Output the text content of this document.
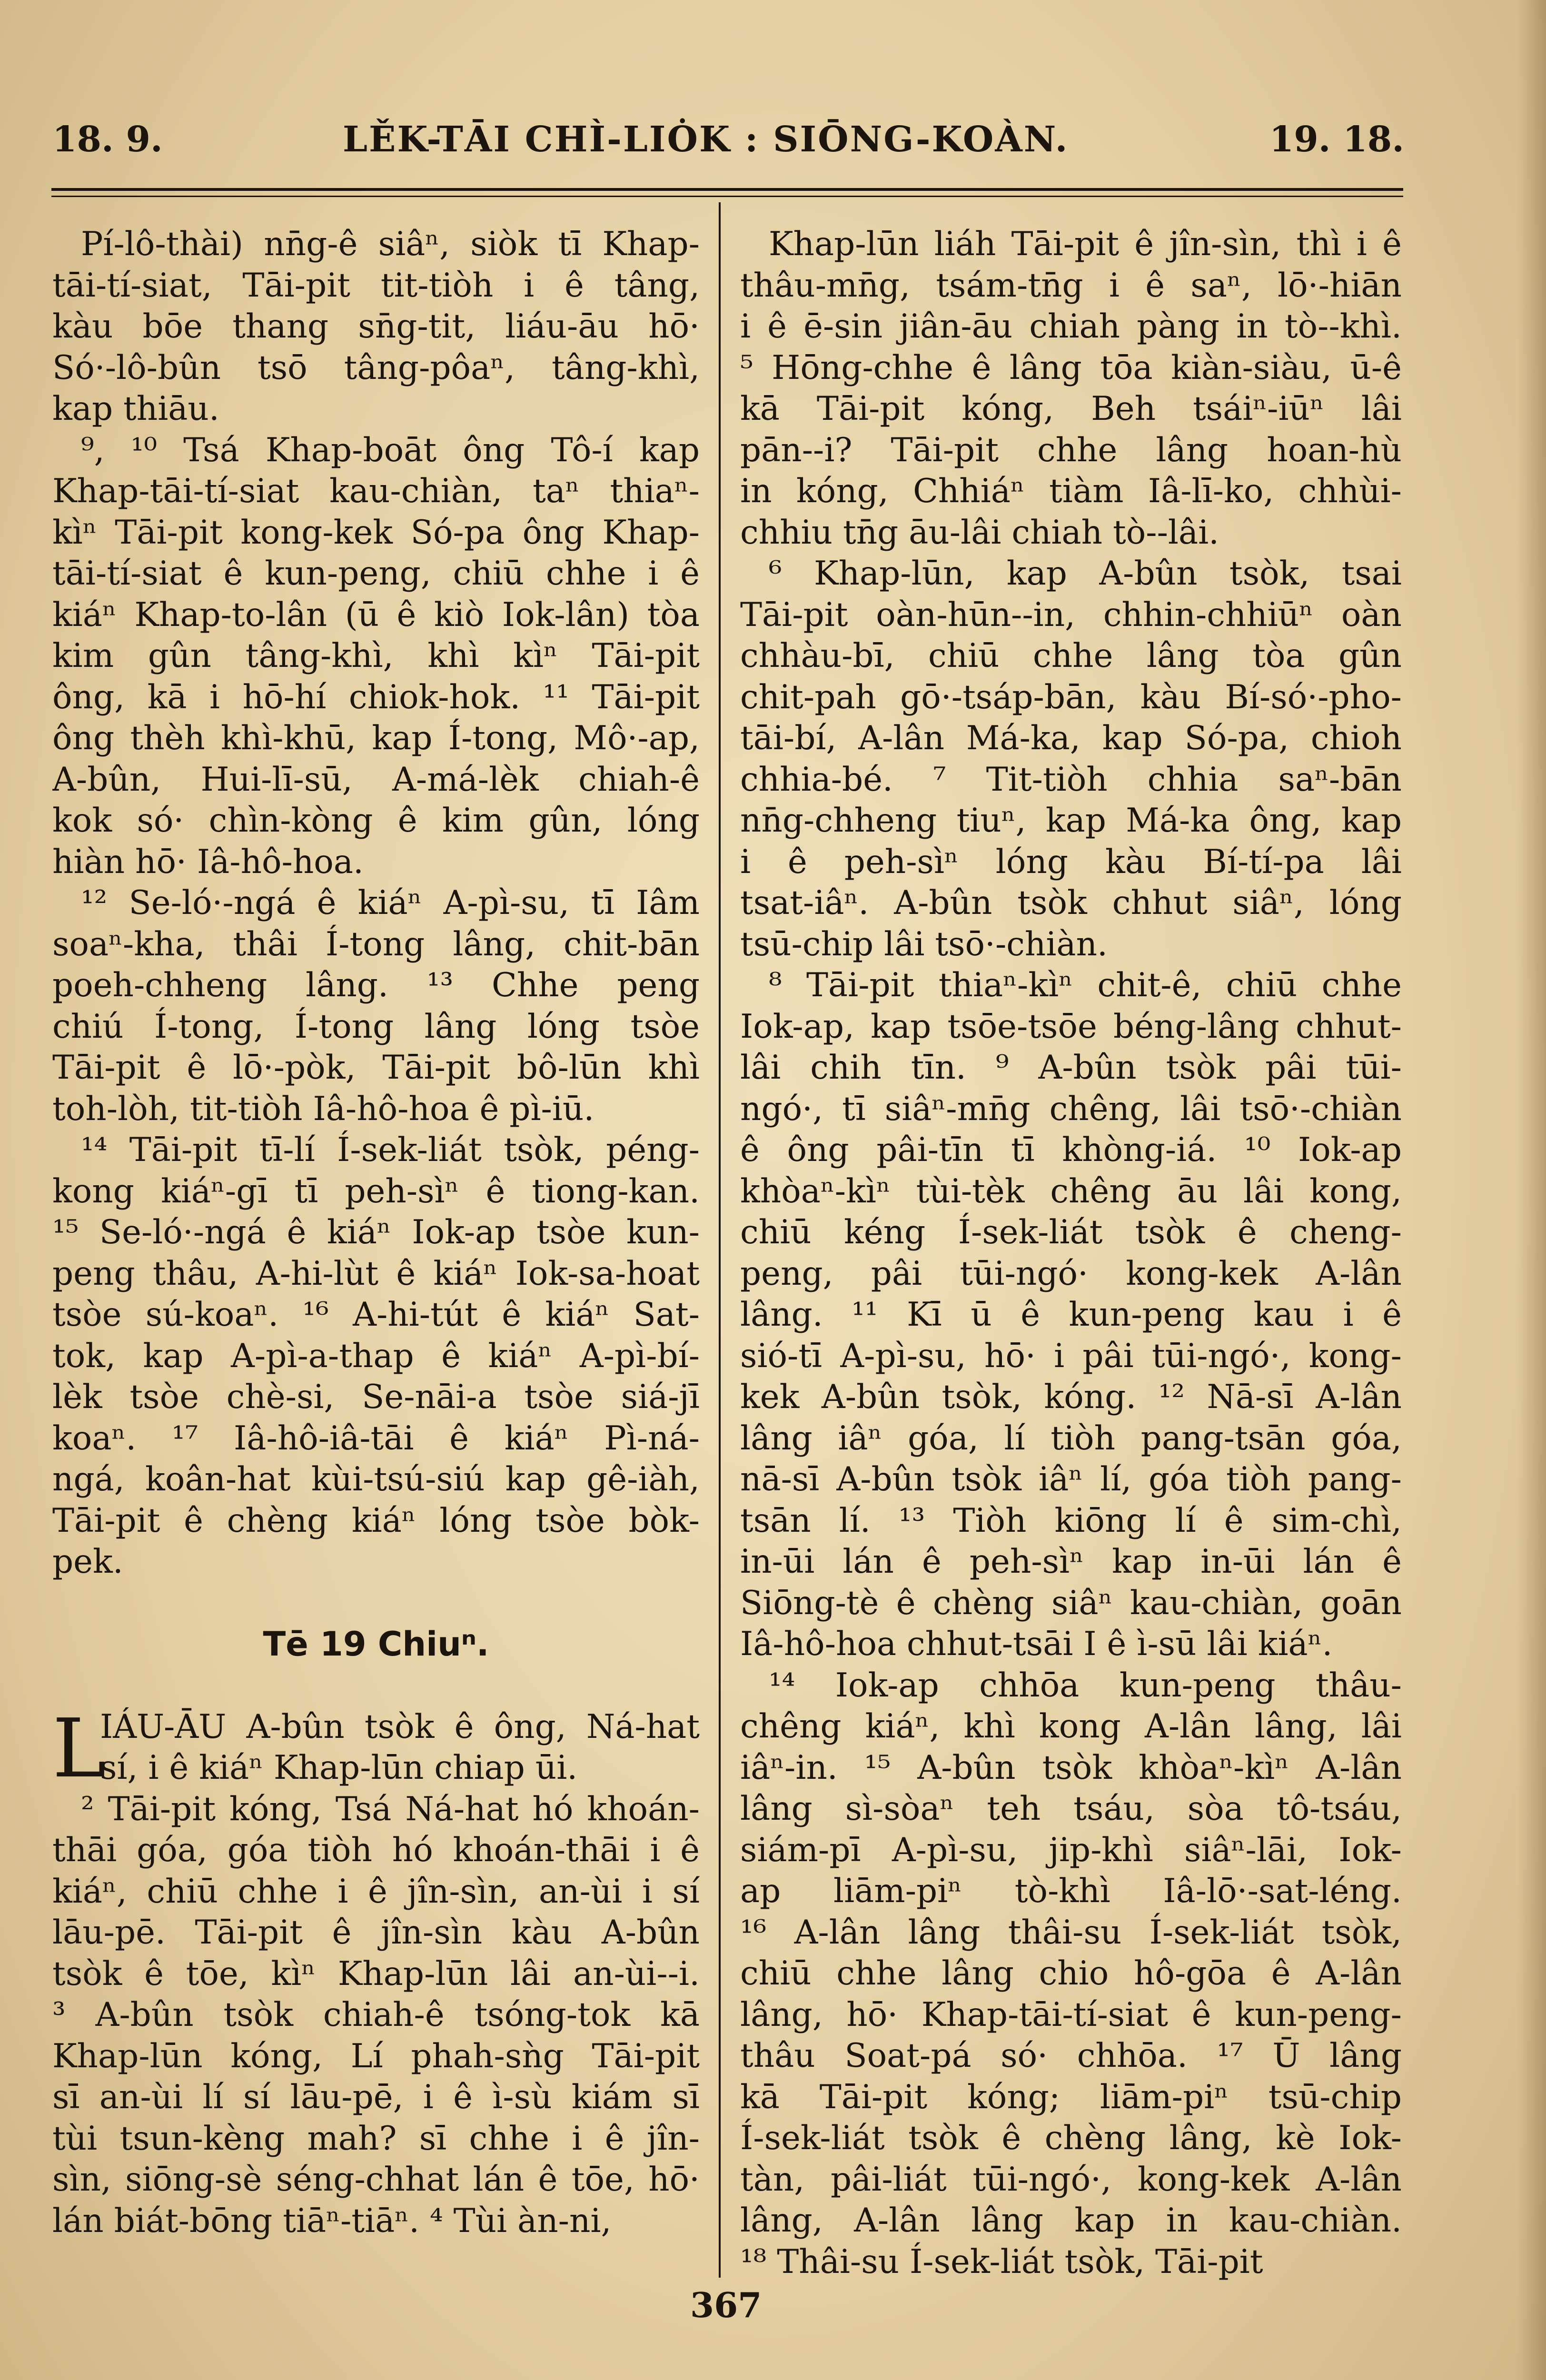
18. 9.	LĚK-TĀI CHÌ-LIȮK : SIŌNG-KOÀN.	19. 18.
Pí-lô-thài) nn̄g-ê siâⁿ, siòk tī Khap-
tāi-tí-siat, Tāi-pit tit-tiòh i ê tâng,
kàu bōe thang sn̄g-tit, liáu-āu hō·
Só·-lô-bûn tsō tâng-pôaⁿ, tâng-khì,
kap thiāu.
⁹, ¹⁰ Tsá Khap-boāt ông Tô-í kap
Khap-tāi-tí-siat kau-chiàn, taⁿ thiaⁿ-
kìⁿ Tāi-pit kong-kek Só-pa ông Khap-
tāi-tí-siat ê kun-peng, chiū chhe i ê
kiáⁿ Khap-to-lân (ū ê kiò Iok-lân) tòa
kim gûn tâng-khì, khì kìⁿ Tāi-pit
ông, kā i hō-hí chiok-hok. ¹¹ Tāi-pit
ông thèh khì-khū, kap Í-tong, Mô·-ap,
A-bûn, Hui-lī-sū, A-má-lèk chiah-ê
kok só· chìn-kòng ê kim gûn, lóng
hiàn hō· Iâ-hô-hoa.
¹² Se-ló·-ngá ê kiáⁿ A-pì-su, tī Iâm
soaⁿ-kha, thâi Í-tong lâng, chit-bān
poeh-chheng lâng. ¹³ Chhe peng
chiú Í-tong, Í-tong lâng lóng tsòe
Tāi-pit ê lō·-pòk, Tāi-pit bô-lūn khì
toh-lòh, tit-tiòh Iâ-hô-hoa ê pì-iū.
¹⁴ Tāi-pit tī-lí Í-sek-liát tsòk, péng-
kong kiáⁿ-gī tī peh-sìⁿ ê tiong-kan.
¹⁵ Se-ló·-ngá ê kiáⁿ Iok-ap tsòe kun-
peng thâu, A-hi-lùt ê kiáⁿ Iok-sa-hoat
tsòe sú-koaⁿ. ¹⁶ A-hi-tút ê kiáⁿ Sat-
tok, kap A-pì-a-thap ê kiáⁿ A-pì-bí-
lèk tsòe chè-si, Se-nāi-a tsòe siá-jī
koaⁿ. ¹⁷ Iâ-hô-iâ-tāi ê kiáⁿ Pì-ná-
ngá, koân-hat kùi-tsú-siú kap gê-iàh,
Tāi-pit ê chèng kiáⁿ lóng tsòe bòk-
pek.
Tē 19 Chiuⁿ.
L
IÁU-ĀU A-bûn tsòk ê ông, Ná-hat
sí, i ê kiáⁿ Khap-lūn chiap ūi.
² Tāi-pit kóng, Tsá Ná-hat hó khoán-
thāi góa, góa tiòh hó khoán-thāi i ê
kiáⁿ, chiū chhe i ê jîn-sìn, an-ùi i sí
lāu-pē. Tāi-pit ê jîn-sìn kàu A-bûn
tsòk ê tōe, kìⁿ Khap-lūn lâi an-ùi--i.
³ A-bûn tsòk chiah-ê tsóng-tok kā
Khap-lūn kóng, Lí phah-sǹg Tāi-pit
sī an-ùi lí sí lāu-pē, i ê ì-sù kiám sī
tùi tsun-kèng mah? sī chhe i ê jîn-
sìn, siōng-sè séng-chhat lán ê tōe, hō·
lán biát-bōng tiāⁿ-tiāⁿ. ⁴ Tùi àn-ni,
Khap-lūn liáh Tāi-pit ê jîn-sìn, thì i ê
thâu-mn̄g, tsám-tn̄g i ê saⁿ, lō·-hiān
i ê ē-sin jiân-āu chiah pàng in tò--khì.
⁵ Hōng-chhe ê lâng tōa kiàn-siàu, ū-ê
kā Tāi-pit kóng, Beh tsáiⁿ-iūⁿ lâi
pān--i? Tāi-pit chhe lâng hoan-hù
in kóng, Chhiáⁿ tiàm Iâ-lī-ko, chhùi-
chhiu tn̄g āu-lâi chiah tò--lâi.
⁶ Khap-lūn, kap A-bûn tsòk, tsai
Tāi-pit oàn-hūn--in, chhin-chhiūⁿ oàn
chhàu-bī, chiū chhe lâng tòa gûn
chit-pah gō·-tsáp-bān, kàu Bí-só·-pho-
tāi-bí, A-lân Má-ka, kap Só-pa, chioh
chhia-bé. ⁷ Tit-tiòh chhia saⁿ-bān
nn̄g-chheng tiuⁿ, kap Má-ka ông, kap
i ê peh-sìⁿ lóng kàu Bí-tí-pa lâi
tsat-iâⁿ. A-bûn tsòk chhut siâⁿ, lóng
tsū-chip lâi tsō·-chiàn.
⁸ Tāi-pit thiaⁿ-kìⁿ chit-ê, chiū chhe
Iok-ap, kap tsōe-tsōe béng-lâng chhut-
lâi chih tīn. ⁹ A-bûn tsòk pâi tūi-
ngó·, tī siâⁿ-mn̄g chêng, lâi tsō·-chiàn
ê ông pâi-tīn tī khòng-iá. ¹⁰ Iok-ap
khòaⁿ-kìⁿ tùi-tèk chêng āu lâi kong,
chiū kéng Í-sek-liát tsòk ê cheng-
peng, pâi tūi-ngó· kong-kek A-lân
lâng. ¹¹ Kī ū ê kun-peng kau i ê
sió-tī A-pì-su, hō· i pâi tūi-ngó·, kong-
kek A-bûn tsòk, kóng. ¹² Nā-sī A-lân
lâng iâⁿ góa, lí tiòh pang-tsān góa,
nā-sī A-bûn tsòk iâⁿ lí, góa tiòh pang-
tsān lí. ¹³ Tiòh kiōng lí ê sim-chì,
in-ūi lán ê peh-sìⁿ kap in-ūi lán ê
Siōng-tè ê chèng siâⁿ kau-chiàn, goān
Iâ-hô-hoa chhut-tsāi I ê ì-sū lâi kiáⁿ.
¹⁴ Iok-ap chhōa kun-peng thâu-
chêng kiáⁿ, khì kong A-lân lâng, lâi
iâⁿ-in. ¹⁵ A-bûn tsòk khòaⁿ-kìⁿ A-lân
lâng sì-sòaⁿ teh tsáu, sòa tô-tsáu,
siám-pī A-pì-su, jip-khì siâⁿ-lāi, Iok-
ap liām-piⁿ tò-khì Iâ-lō·-sat-léng.
¹⁶ A-lân lâng thâi-su Í-sek-liát tsòk,
chiū chhe lâng chio hô-gōa ê A-lân
lâng, hō· Khap-tāi-tí-siat ê kun-peng-
thâu Soat-pá só· chhōa. ¹⁷ Ū lâng
kā Tāi-pit kóng; liām-piⁿ tsū-chip
Í-sek-liát tsòk ê chèng lâng, kè Iok-
tàn, pâi-liát tūi-ngó·, kong-kek A-lân
lâng, A-lân lâng kap in kau-chiàn.
¹⁸ Thâi-su Í-sek-liát tsòk, Tāi-pit
367
